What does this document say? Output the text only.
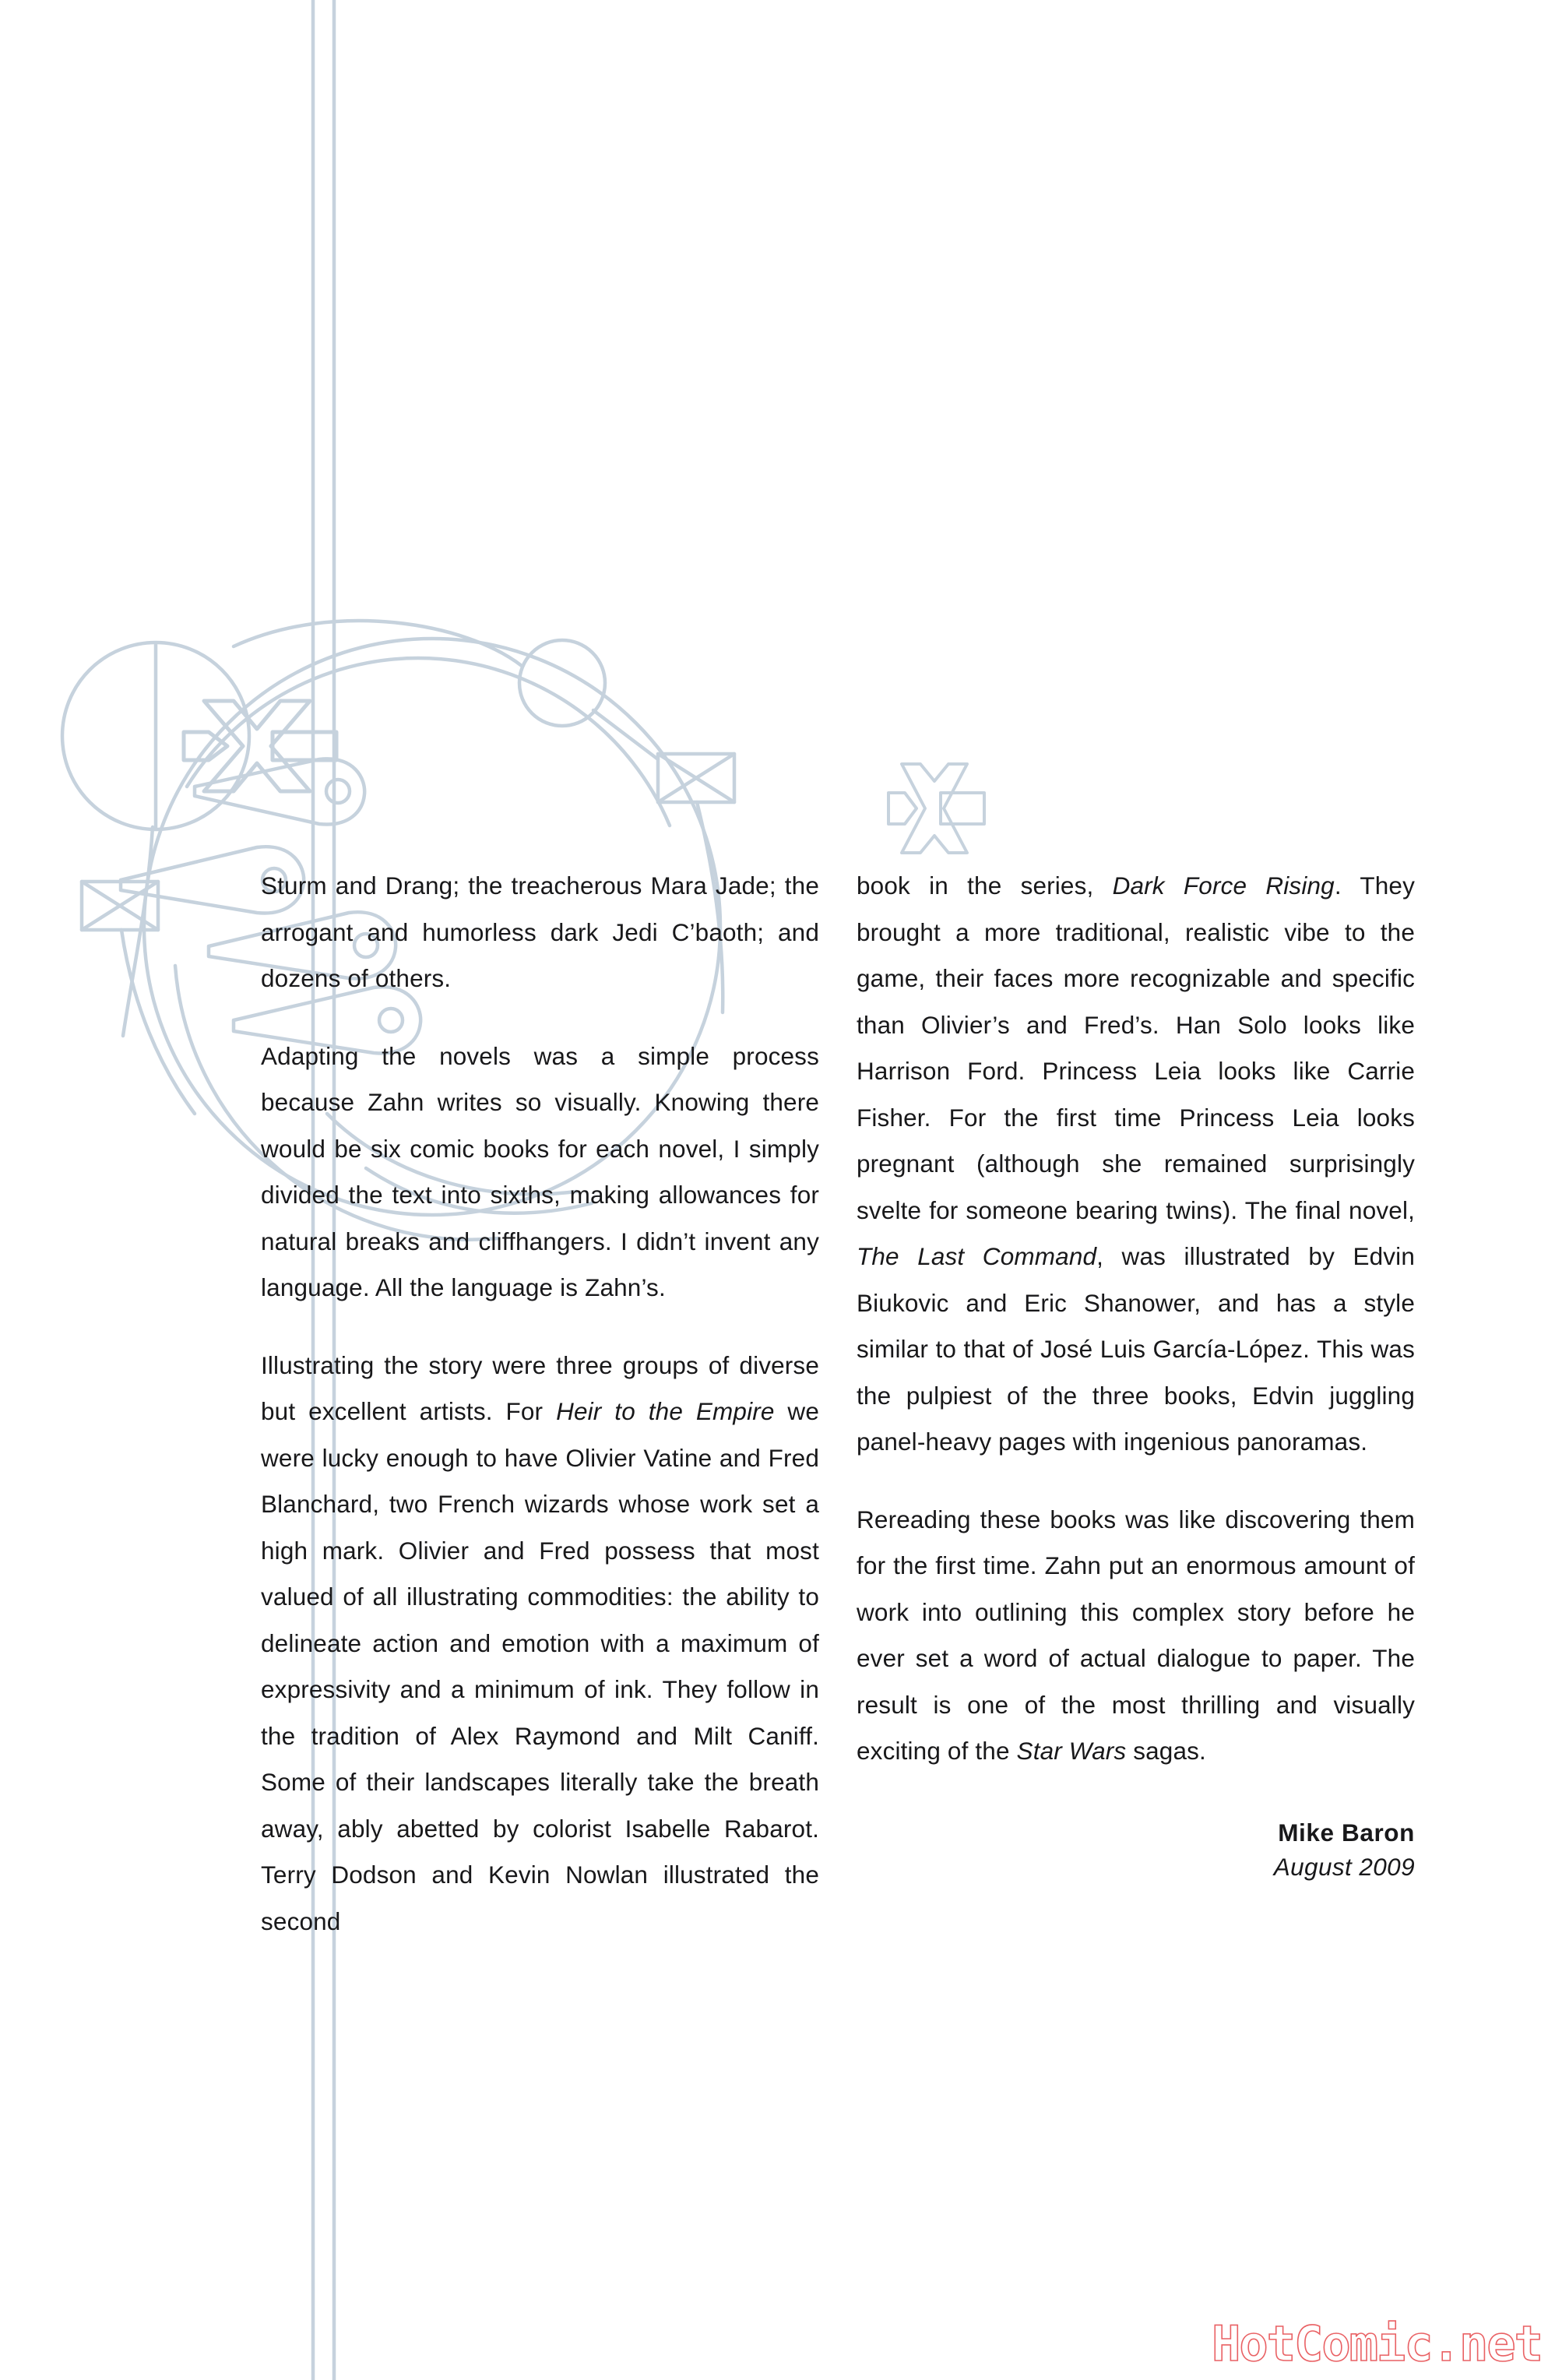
Sturm and Drang; the treacherous Mara Jade; the arrogant and humorless dark Jedi C’baoth; and dozens of others.

Adapting the novels was a simple process because Zahn writes so visually. Knowing there would be six comic books for each novel, I simply divided the text into sixths, making allowances for natural breaks and cliffhangers. I didn’t invent any language. All the language is Zahn’s.

Illustrating the story were three groups of diverse but excellent artists. For Heir to the Empire we were lucky enough to have Olivier Vatine and Fred Blanchard, two French wizards whose work set a high mark. Olivier and Fred possess that most valued of all illustrating commodities: the ability to delineate action and emotion with a maximum of expressivity and a minimum of ink. They follow in the tradition of Alex Raymond and Milt Caniff. Some of their landscapes literally take the breath away, ably abetted by colorist Isabelle Rabarot. Terry Dodson and Kevin Nowlan illustrated the second

book in the series, Dark Force Rising. They brought a more traditional, realistic vibe to the game, their faces more recognizable and specific than Olivier’s and Fred’s. Han Solo looks like Harrison Ford. Princess Leia looks like Carrie Fisher. For the first time Princess Leia looks pregnant (although she remained surprisingly svelte for someone bearing twins). The final novel, The Last Command, was illustrated by Edvin Biukovic and Eric Shanower, and has a style similar to that of José Luis García-López. This was the pulpiest of the three books, Edvin juggling panel-heavy pages with ingenious panoramas.

Rereading these books was like discovering them for the first time. Zahn put an enormous amount of work into outlining this complex story before he ever set a word of actual dialogue to paper. The result is one of the most thrilling and visually exciting of the Star Wars sagas.

Mike Baron
August 2009
HotComic.net
